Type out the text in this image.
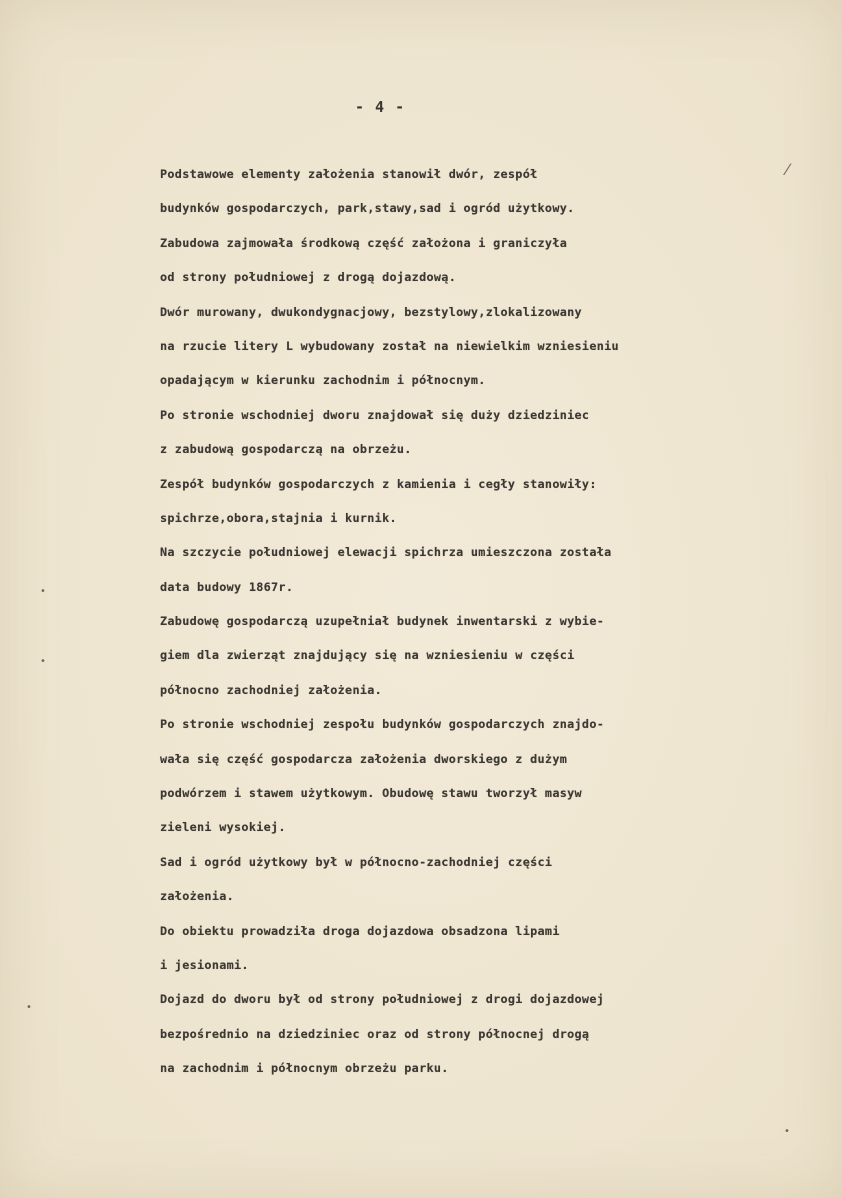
- 4 -
⁄
•
•
•
•
Podstawowe elementy założenia stanowił dwór, zespół
budynków gospodarczych, park,stawy,sad i ogród użytkowy.
Zabudowa zajmowała środkową część założona i graniczyła
od strony południowej z drogą dojazdową.
Dwór murowany, dwukondygnacjowy, bezstylowy,zlokalizowany
na rzucie litery L wybudowany został na niewielkim wzniesieniu
opadającym w kierunku zachodnim i północnym.
Po stronie wschodniej dworu znajdował się duży dziedziniec
z zabudową gospodarczą na obrzeżu.
Zespół budynków gospodarczych z kamienia i cegły stanowiły:
spichrze,obora,stajnia i kurnik.
Na szczycie południowej elewacji spichrza umieszczona została
data budowy 1867r.
Zabudowę gospodarczą uzupełniał budynek inwentarski z wybie-
giem dla zwierząt znajdujący się na wzniesieniu w części
północno zachodniej założenia.
Po stronie wschodniej zespołu budynków gospodarczych znajdo-
wała się część gospodarcza założenia dworskiego z dużym
podwórzem i stawem użytkowym. Obudowę stawu tworzył masyw
zieleni wysokiej.
Sad i ogród użytkowy był w północno-zachodniej części
założenia.
Do obiektu prowadziła droga dojazdowa obsadzona lipami
i jesionami.
Dojazd do dworu był od strony południowej z drogi dojazdowej
bezpośrednio na dziedziniec oraz od strony północnej drogą
na zachodnim i północnym obrzeżu parku.
